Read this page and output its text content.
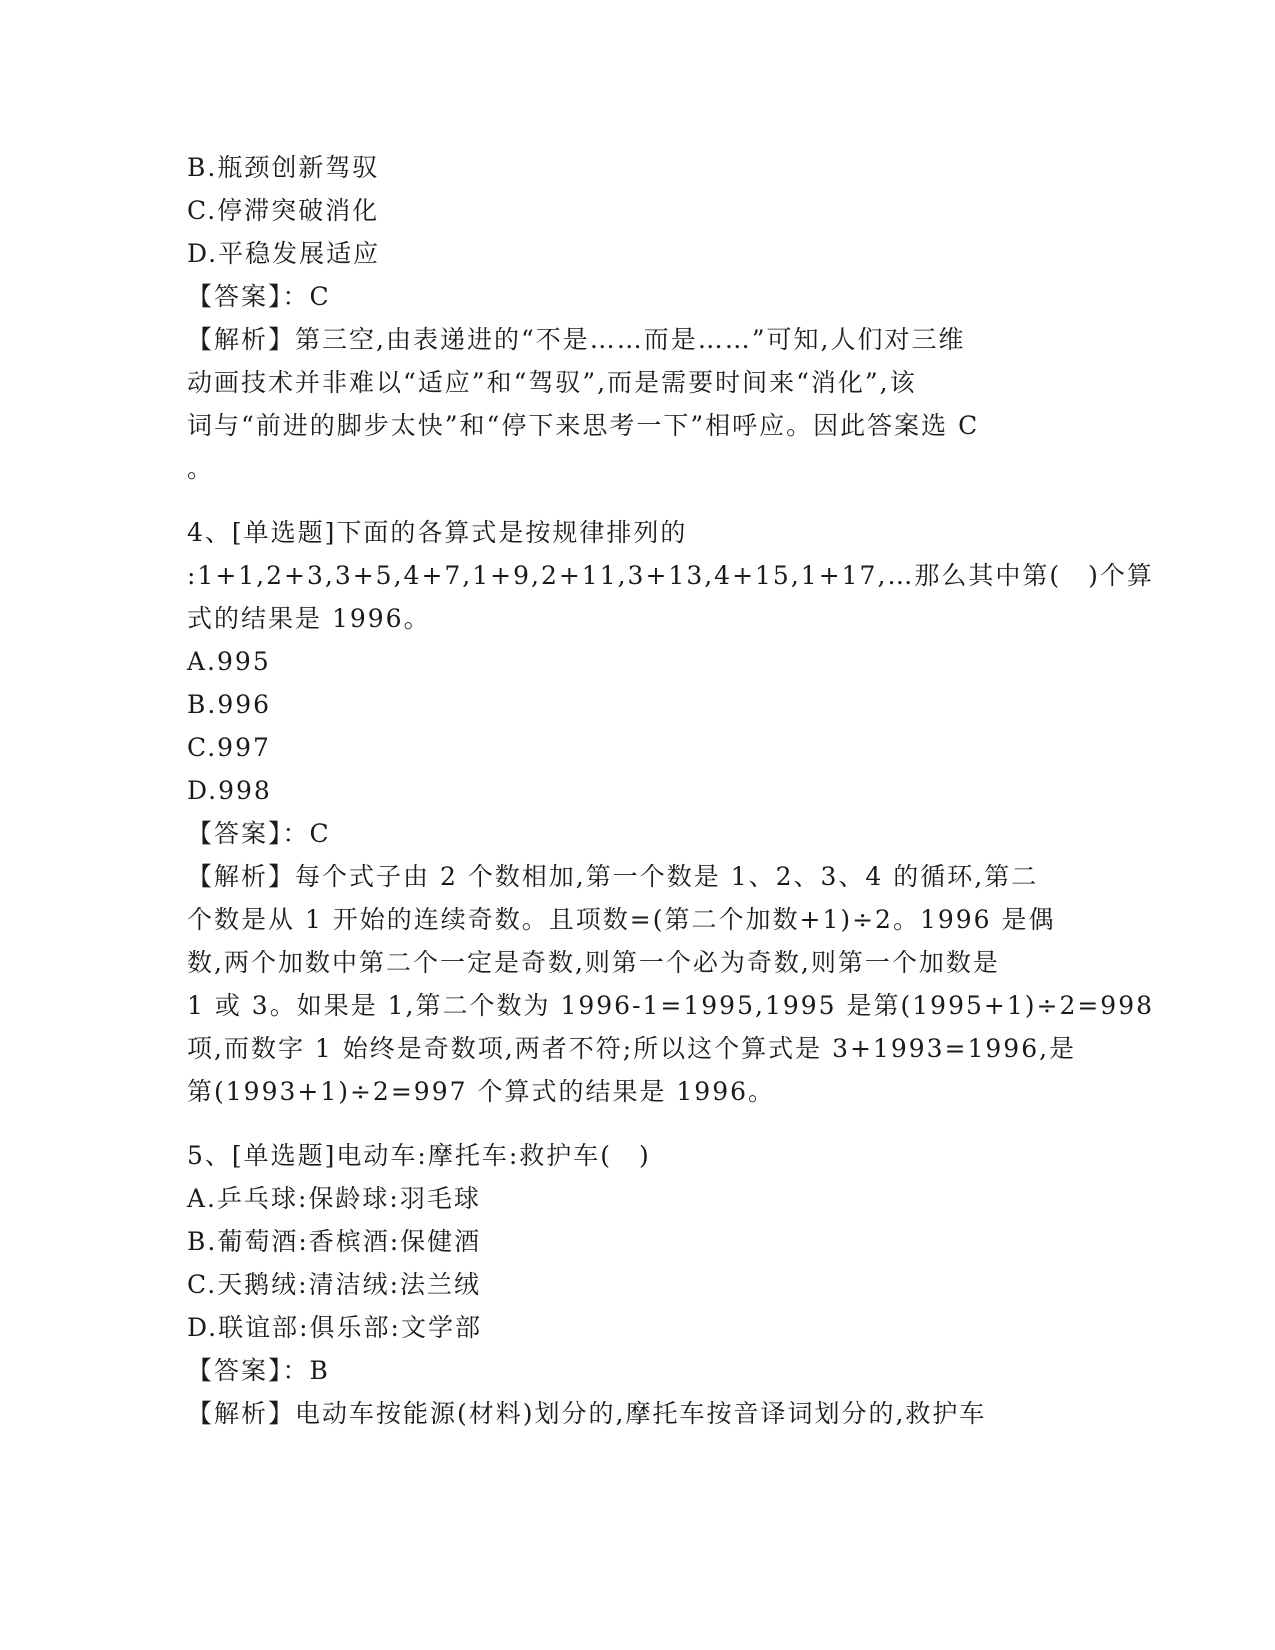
B.瓶颈创新驾驭
C.停滞突破消化
D.平稳发展适应
【答案】：C
【解析】第三空,由表递进的“不是……而是……”可知,人们对三维
动画技术并非难以“适应”和“驾驭”,而是需要时间来“消化”,该
词与“前进的脚步太快”和“停下来思考一下”相呼应。因此答案选 C
。
4、[单选题]下面的各算式是按规律排列的
:1+1,2+3,3+5,4+7,1+9,2+11,3+13,4+15,1+17,…那么其中第(　)个算
式的结果是 1996。
A.995
B.996
C.997
D.998
【答案】：C
【解析】每个式子由 2 个数相加,第一个数是 1、2、3、4 的循环,第二
个数是从 1 开始的连续奇数。且项数=(第二个加数+1)÷2。1996 是偶
数,两个加数中第二个一定是奇数,则第一个必为奇数,则第一个加数是
1 或 3。如果是 1,第二个数为 1996-1=1995,1995 是第(1995+1)÷2=998
项,而数字 1 始终是奇数项,两者不符;所以这个算式是 3+1993=1996,是
第(1993+1)÷2=997 个算式的结果是 1996。
5、[单选题]电动车:摩托车:救护车(　)
A.乒乓球:保龄球:羽毛球
B.葡萄酒:香槟酒:保健酒
C.天鹅绒:清洁绒:法兰绒
D.联谊部:俱乐部:文学部
【答案】：B
【解析】电动车按能源(材料)划分的,摩托车按音译词划分的,救护车
